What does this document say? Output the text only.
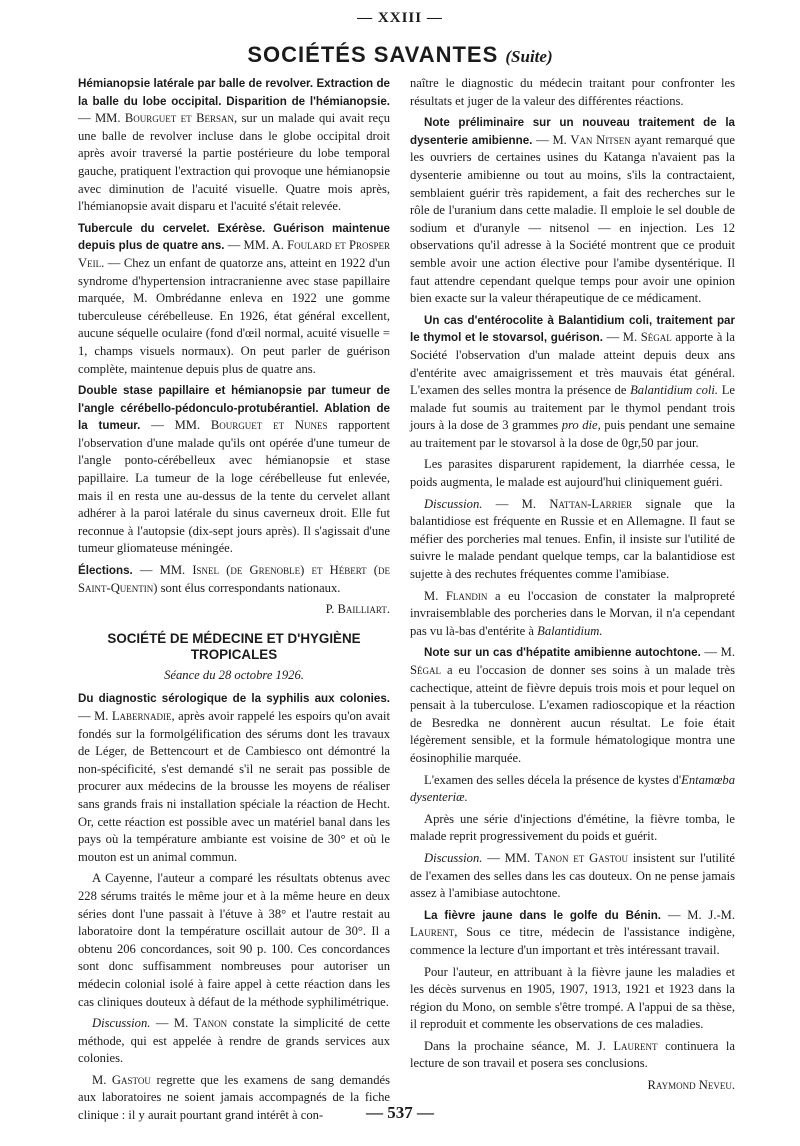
— XXIII —
SOCIÉTÉS SAVANTES (Suite)

Hémianopsie latérale par balle de revolver. Extraction de la balle du lobe occipital. Disparition de l'hémianopsie. — MM. Bourguet et Bersan, sur un malade qui avait reçu une balle de revolver incluse dans le globe occipital droit après avoir traversé la partie postérieure du lobe temporal gauche, pratiquent l'extraction qui provoque une hémianopsie avec diminution de l'acuité visuelle. Quatre mois après, l'hémianopsie avait disparu et l'acuité s'était relevée.

Tubercule du cervelet. Exérèse. Guérison maintenue depuis plus de quatre ans. — MM. A. Foulard et Prosper Veil. — Chez un enfant de quatorze ans, atteint en 1922 d'un syndrome d'hypertension intracranienne avec stase papillaire marquée, M. Ombrédanne enleva en 1922 une gomme tuberculeuse cérébelleuse. En 1926, état général excellent, aucune séquelle oculaire (fond d'œil normal, acuité visuelle = 1, champs visuels normaux). On peut parler de guérison complète, maintenue depuis plus de quatre ans.

Double stase papillaire et hémianopsie par tumeur de l'angle cérébello-pédonculo-protubérantiel. Ablation de la tumeur. — MM. Bourguet et Nunes rapportent l'observation d'une malade qu'ils ont opérée d'une tumeur de l'angle ponto-cérébelleux avec hémianopsie et stase papillaire. La tumeur de la loge cérébelleuse fut enlevée, mais il en resta une au-dessus de la tente du cervelet allant adhérer à la paroi latérale du sinus caverneux droit. Elle fut reconnue à l'autopsie (dix-sept jours après). Il s'agissait d'une tumeur gliomateuse méningée.

Élections. — MM. Isnel (de Grenoble) et Hébert (de Saint-Quentin) sont élus correspondants nationaux.

P. Bailliart.
SOCIÉTÉ DE MÉDECINE ET D'HYGIÈNE TROPICALES
Séance du 28 octobre 1926.

Du diagnostic sérologique de la syphilis aux colonies. — M. Labernadie, après avoir rappelé les espoirs qu'on avait fondés sur la formolgélification des sérums dont les travaux de Léger, de Bettencourt et de Cambiesco ont démontré la non-spécificité, s'est demandé s'il ne serait pas possible de procurer aux médecins de la brousse les moyens de réaliser sans grands frais ni installation spéciale la réaction de Hecht. Or, cette réaction est possible avec un matériel banal dans les pays où la température ambiante est voisine de 30° et où le mouton est un animal commun.

A Cayenne, l'auteur a comparé les résultats obtenus avec 228 sérums traités le même jour et à la même heure en deux séries dont l'une passait à l'étuve à 38° et l'autre restait au laboratoire dont la température oscillait autour de 30°. Il a obtenu 206 concordances, soit 90 p. 100. Ces concordances sont donc suffisamment nombreuses pour autoriser un médecin colonial isolé à faire appel à cette réaction dans les cas cliniques douteux à défaut de la méthode syphilimétrique.

Discussion. — M. Tanon constate la simplicité de cette méthode, qui est appelée à rendre de grands services aux colonies.

M. Gastou regrette que les examens de sang demandés aux laboratoires ne soient jamais accompagnés de la fiche clinique : il y aurait pourtant grand intérêt à con-

naître le diagnostic du médecin traitant pour confronter les résultats et juger de la valeur des différentes réactions.

Note préliminaire sur un nouveau traitement de la dysenterie amibienne. — M. Van Nitsen ayant remarqué que les ouvriers de certaines usines du Katanga n'avaient pas la dysenterie amibienne ou tout au moins, s'ils la contractaient, semblaient guérir très rapidement, a fait des recherches sur le rôle de l'uranium dans cette maladie. Il emploie le sel double de sodium et d'uranyle — nitsenol — en injection. Les 12 observations qu'il adresse à la Société montrent que ce produit semble avoir une action élective pour l'amibe dysentérique. Il faut attendre cependant quelque temps pour avoir une opinion bien exacte sur la valeur thérapeutique de ce médicament.

Un cas d'entérocolite à Balantidium coli, traitement par le thymol et le stovarsol, guérison. — M. Ségal apporte à la Société l'observation d'un malade atteint depuis deux ans d'entérite avec amaigrissement et très mauvais état général. L'examen des selles montra la présence de Balantidium coli. Le malade fut soumis au traitement par le thymol pendant trois jours à la dose de 3 grammes pro die, puis pendant une semaine au traitement par le stovarsol à la dose de 0gr,50 par jour.

Les parasites disparurent rapidement, la diarrhée cessa, le poids augmenta, le malade est aujourd'hui cliniquement guéri.

Discussion. — M. Nattan-Larrier signale que la balantidiose est fréquente en Russie et en Allemagne. Il faut se méfier des porcheries mal tenues. Enfin, il insiste sur l'utilité de suivre le malade pendant quelque temps, car la balantidiose est sujette à des rechutes fréquentes comme l'amibiase.

M. Flandin a eu l'occasion de constater la malpropreté invraisemblable des porcheries dans le Morvan, il n'a cependant pas vu là-bas d'entérite à Balantidium.

Note sur un cas d'hépatite amibienne autochtone. — M. Ségal a eu l'occasion de donner ses soins à un malade très cachectique, atteint de fièvre depuis trois mois et pour lequel on pensait à la tuberculose. L'examen radioscopique et la réaction de Besredka ne donnèrent aucun résultat. Le foie était légèrement sensible, et la formule hématologique montra une éosinophilie marquée.

L'examen des selles décela la présence de kystes d'Entamœba dysenteriæ.

Après une série d'injections d'émétine, la fièvre tomba, le malade reprit progressivement du poids et guérit.

Discussion. — MM. Tanon et Gastou insistent sur l'utilité de l'examen des selles dans les cas douteux. On ne pense jamais assez à l'amibiase autochtone.

La fièvre jaune dans le golfe du Bénin. — M. J.-M. Laurent, Sous ce titre, médecin de l'assistance indigène, commence la lecture d'un important et très intéressant travail.

Pour l'auteur, en attribuant à la fièvre jaune les maladies et les décès survenus en 1905, 1907, 1913, 1921 et 1923 dans la région du Mono, on semble s'être trompé. A l'appui de sa thèse, il reproduit et commente les observations de ces maladies.

Dans la prochaine séance, M. J. Laurent continuera la lecture de son travail et posera ses conclusions.

Raymond Neveu.
— 537 —
